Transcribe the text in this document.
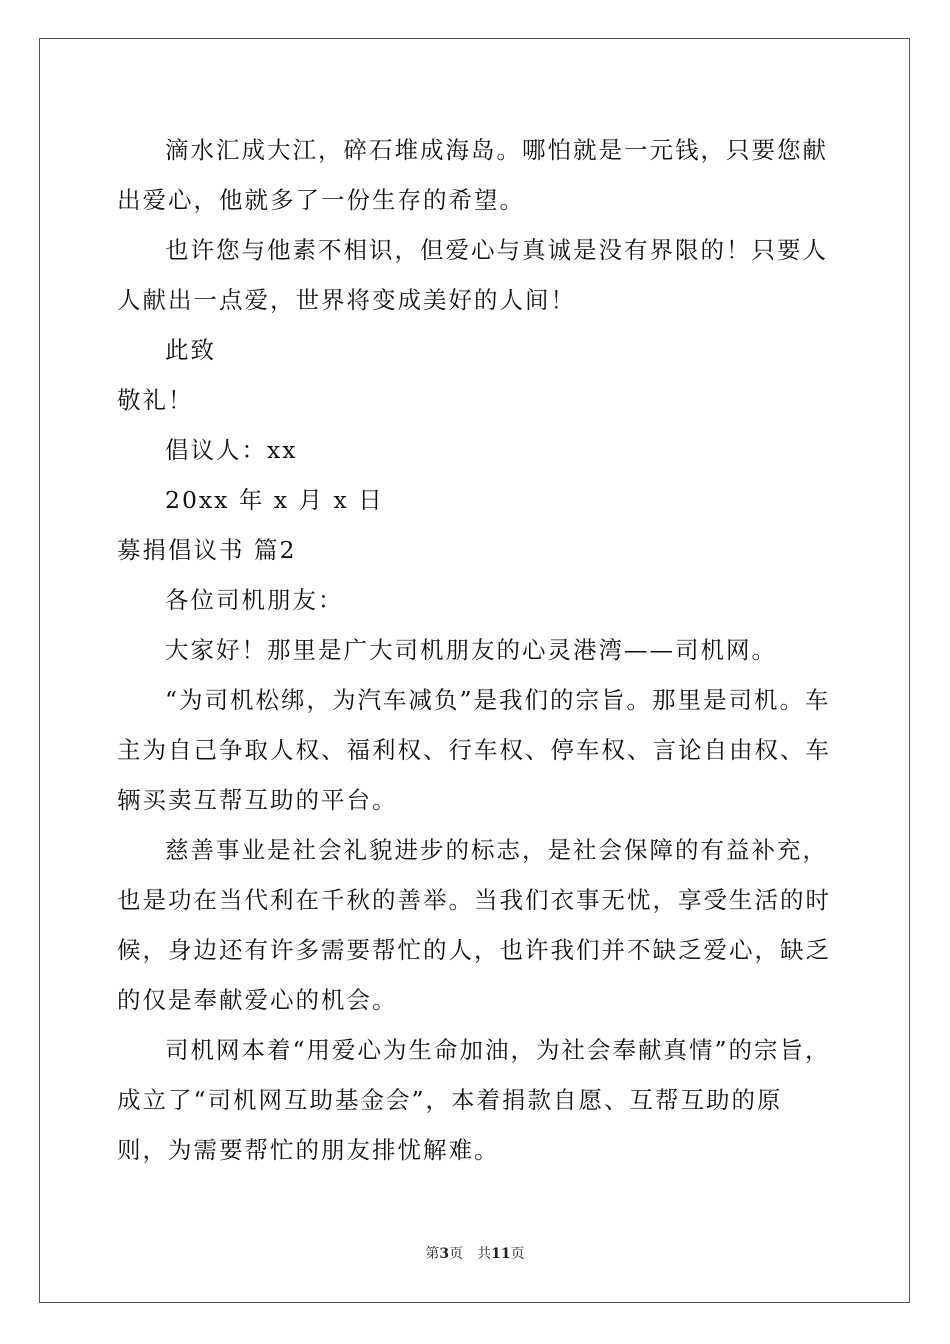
滴水汇成大江，碎石堆成海岛。哪怕就是一元钱，只要您献出爱心，他就多了一份生存的希望。

也许您与他素不相识，但爱心与真诚是没有界限的！只要人人献出一点爱，世界将变成美好的人间！

此致

敬礼！

倡议人：xx

20xx 年 x 月 x 日

募捐倡议书 篇2

各位司机朋友：

大家好！那里是广大司机朋友的心灵港湾——司机网。

“为司机松绑，为汽车减负”是我们的宗旨。那里是司机。车主为自己争取人权、福利权、行车权、停车权、言论自由权、车辆买卖互帮互助的平台。

慈善事业是社会礼貌进步的标志，是社会保障的有益补充，也是功在当代利在千秋的善举。当我们衣事无忧，享受生活的时候，身边还有许多需要帮忙的人，也许我们并不缺乏爱心，缺乏的仅是奉献爱心的机会。

司机网本着“用爱心为生命加油，为社会奉献真情”的宗旨，成立了“司机网互助基金会”，本着捐款自愿、互帮互助的原则，为需要帮忙的朋友排忧解难。

第3页　共11页
